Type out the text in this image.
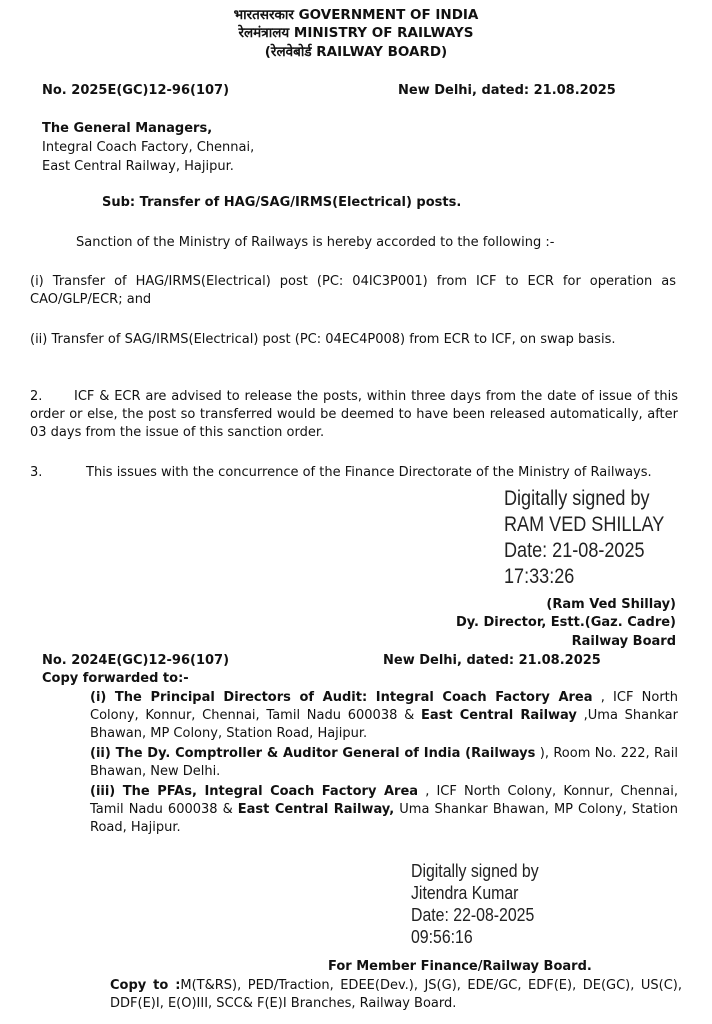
भारतसरकार GOVERNMENT OF INDIA
रेलमंत्रालय MINISTRY OF RAILWAYS
(रेलवेबोर्ड RAILWAY BOARD)
No. 2025E(GC)12-96(107)	New Delhi, dated: 21.08.2025
The General Managers,
Integral Coach Factory, Chennai,
East Central Railway, Hajipur.
Sub: Transfer of HAG/SAG/IRMS(Electrical) posts.
Sanction of the Ministry of Railways is hereby accorded to the following :-
(i) Transfer of HAG/IRMS(Electrical) post (PC: 04IC3P001) from ICF to ECR for operation as CAO/GLP/ECR; and
(ii) Transfer of SAG/IRMS(Electrical) post (PC: 04EC4P008) from ECR to ICF, on swap basis.
2.	ICF & ECR are advised to release the posts, within three days from the date of issue of this order or else, the post so transferred would be deemed to have been released automatically, after 03 days from the issue of this sanction order.
3.	This issues with the concurrence of the Finance Directorate of the Ministry of Railways.
Digitally signed by
RAM VED SHILLAY
Date: 21-08-2025
17:33:26
(Ram Ved Shillay)
Dy. Director, Estt.(Gaz. Cadre)
Railway Board
No. 2024E(GC)12-96(107)	New Delhi, dated: 21.08.2025
Copy forwarded to:-
(i) The Principal Directors of Audit: Integral Coach Factory Area , ICF North Colony, Konnur, Chennai, Tamil Nadu 600038 & East Central Railway ,Uma Shankar Bhawan, MP Colony, Station Road, Hajipur.
(ii) The Dy. Comptroller & Auditor General of India (Railways ), Room No. 222, Rail Bhawan, New Delhi.
(iii) The PFAs, Integral Coach Factory Area , ICF North Colony, Konnur, Chennai, Tamil Nadu 600038 & East Central Railway, Uma Shankar Bhawan, MP Colony, Station Road, Hajipur.
Digitally signed by
Jitendra Kumar
Date: 22-08-2025
09:56:16
For Member Finance/Railway Board.
Copy to :M(T&RS), PED/Traction, EDEE(Dev.), JS(G), EDE/GC, EDF(E), DE(GC), US(C), DDF(E)I, E(O)III, SCC& F(E)I Branches, Railway Board.
